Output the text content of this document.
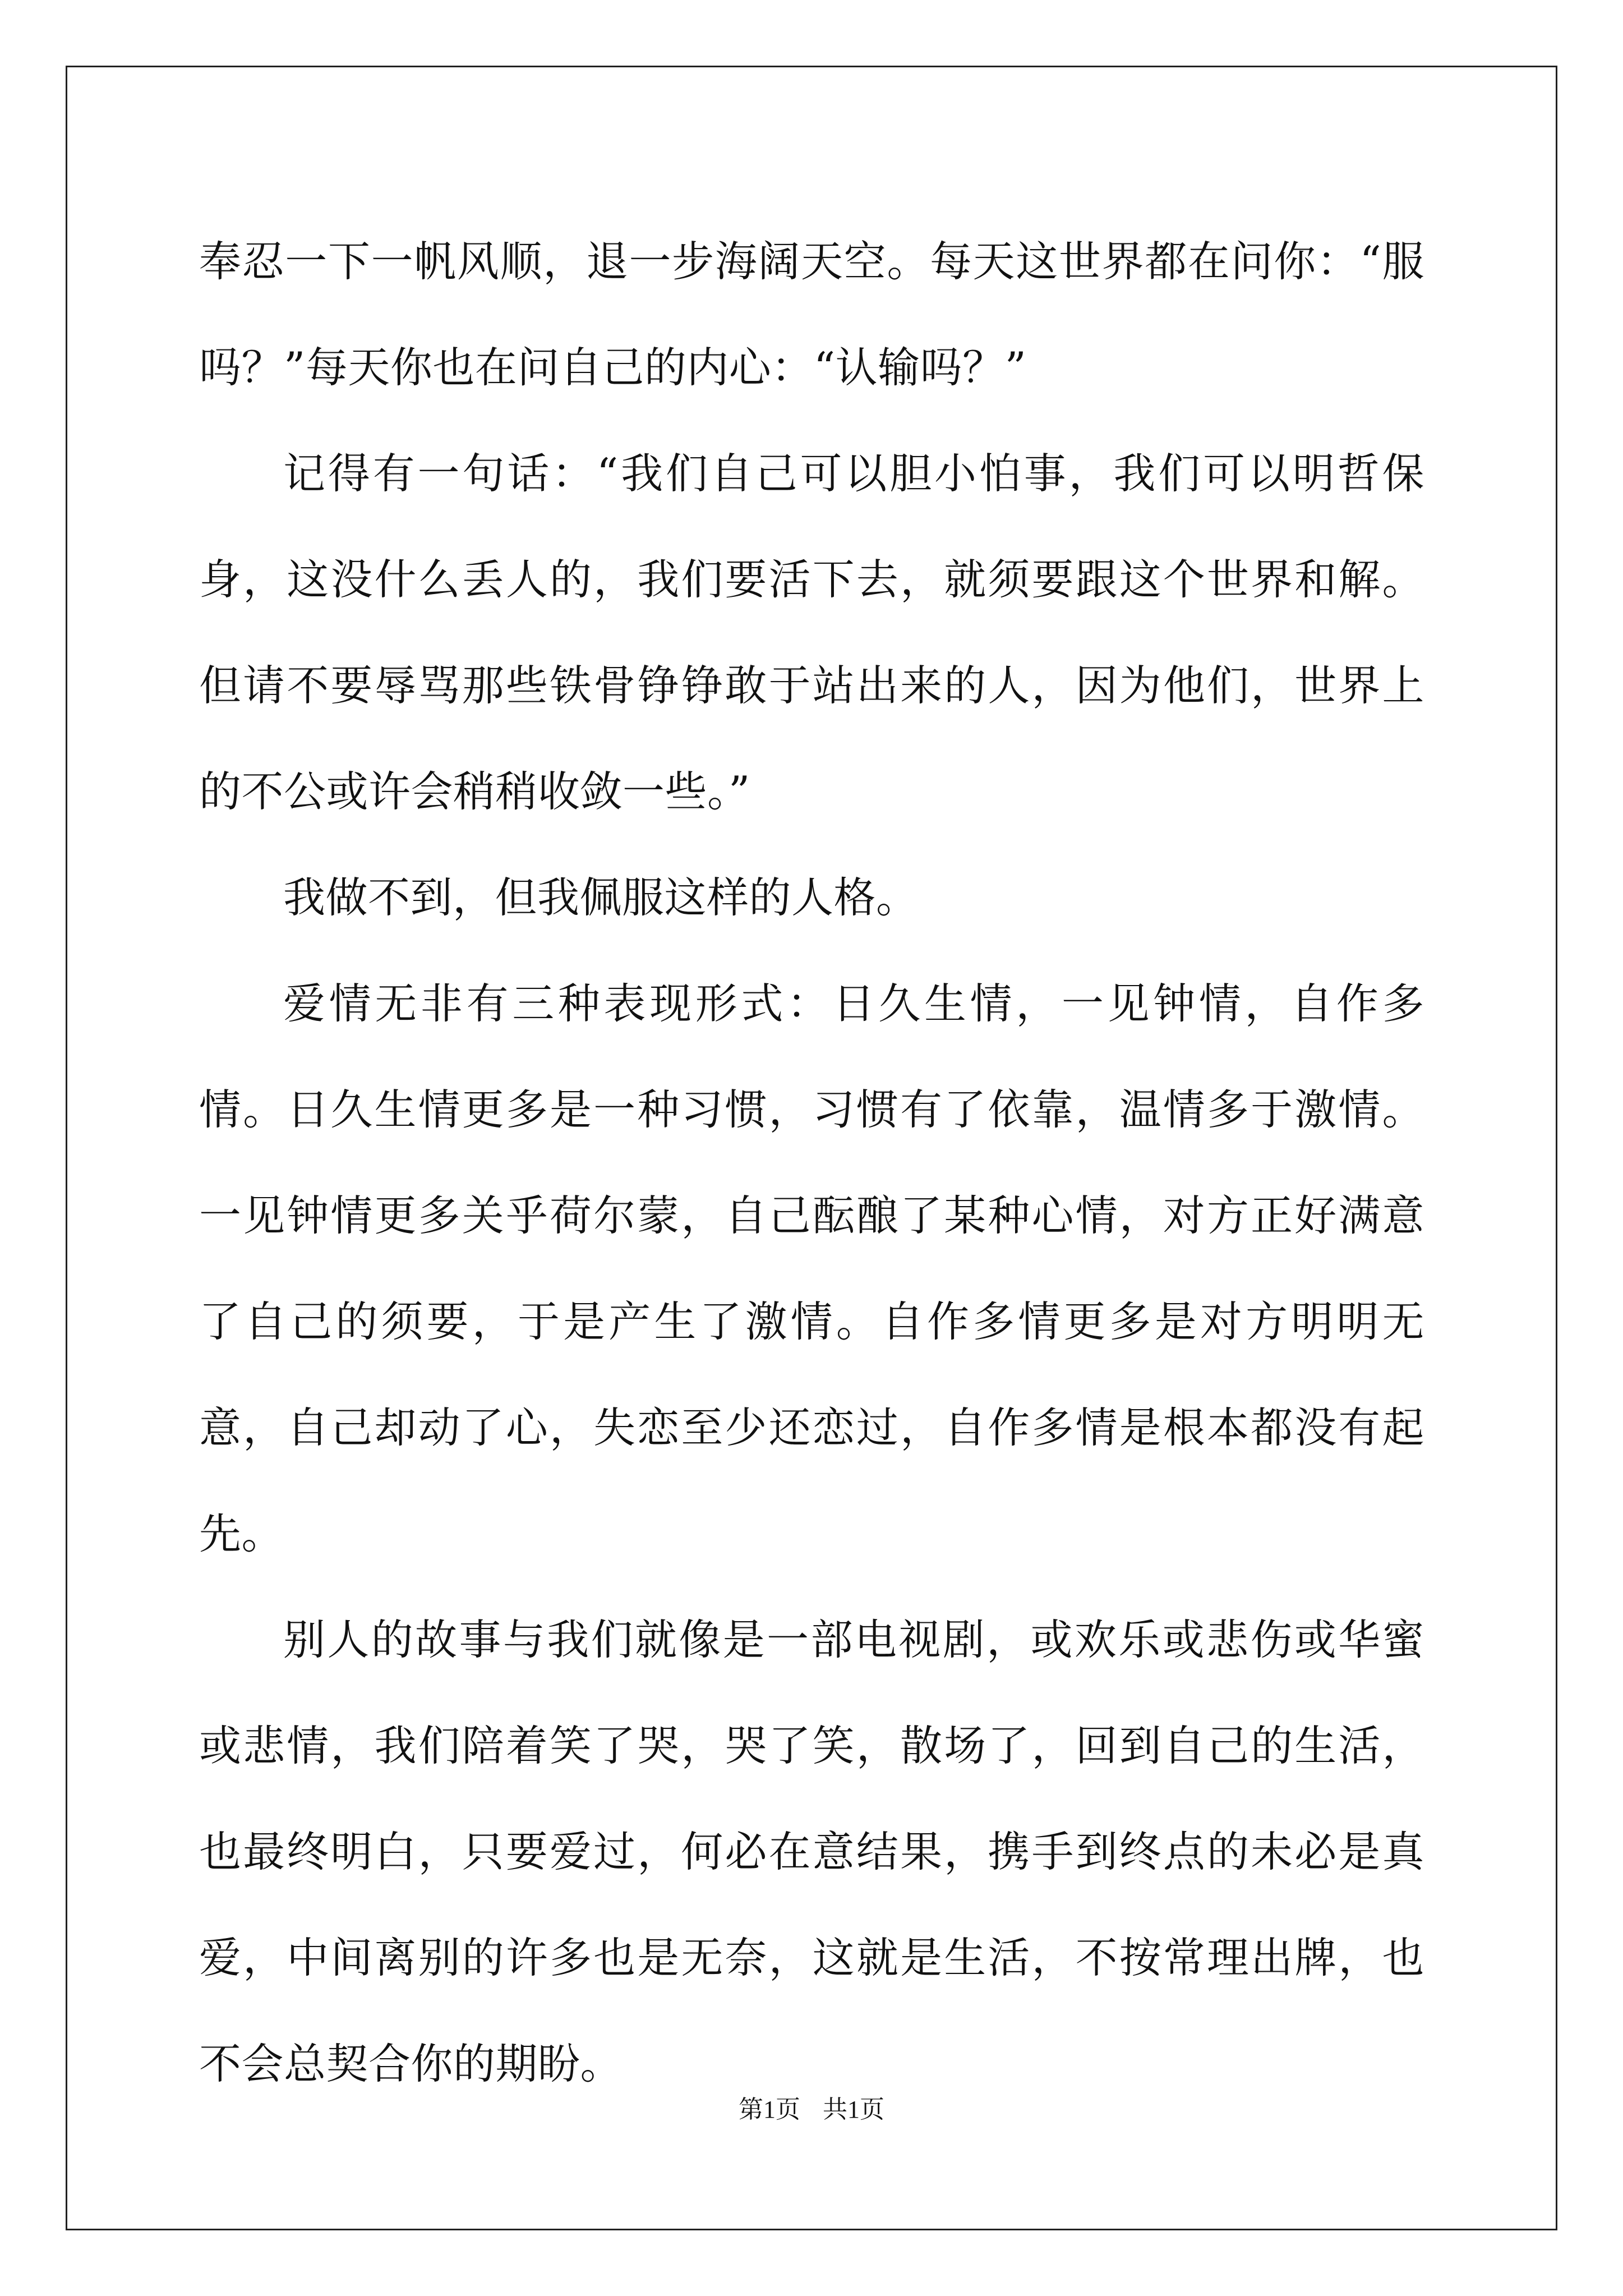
奉忍一下一帆风顺，退一步海阔天空。每天这世界都在问你：“服吗？”每天你也在问自己的内心：“认输吗？”

记得有一句话：“我们自己可以胆小怕事，我们可以明哲保身，这没什么丢人的，我们要活下去，就须要跟这个世界和解。但请不要辱骂那些铁骨铮铮敢于站出来的人，因为他们，世界上的不公或许会稍稍收敛一些。”

我做不到，但我佩服这样的人格。

爱情无非有三种表现形式：日久生情，一见钟情，自作多情。日久生情更多是一种习惯，习惯有了依靠，温情多于激情。一见钟情更多关乎荷尔蒙，自己酝酿了某种心情，对方正好满意了自己的须要，于是产生了激情。自作多情更多是对方明明无意，自己却动了心，失恋至少还恋过，自作多情是根本都没有起先。

别人的故事与我们就像是一部电视剧，或欢乐或悲伤或华蜜或悲情，我们陪着笑了哭，哭了笑，散场了，回到自己的生活，也最终明白，只要爱过，何必在意结果，携手到终点的未必是真爱，中间离别的许多也是无奈，这就是生活，不按常理出牌，也不会总契合你的期盼。

第1页 共1页
